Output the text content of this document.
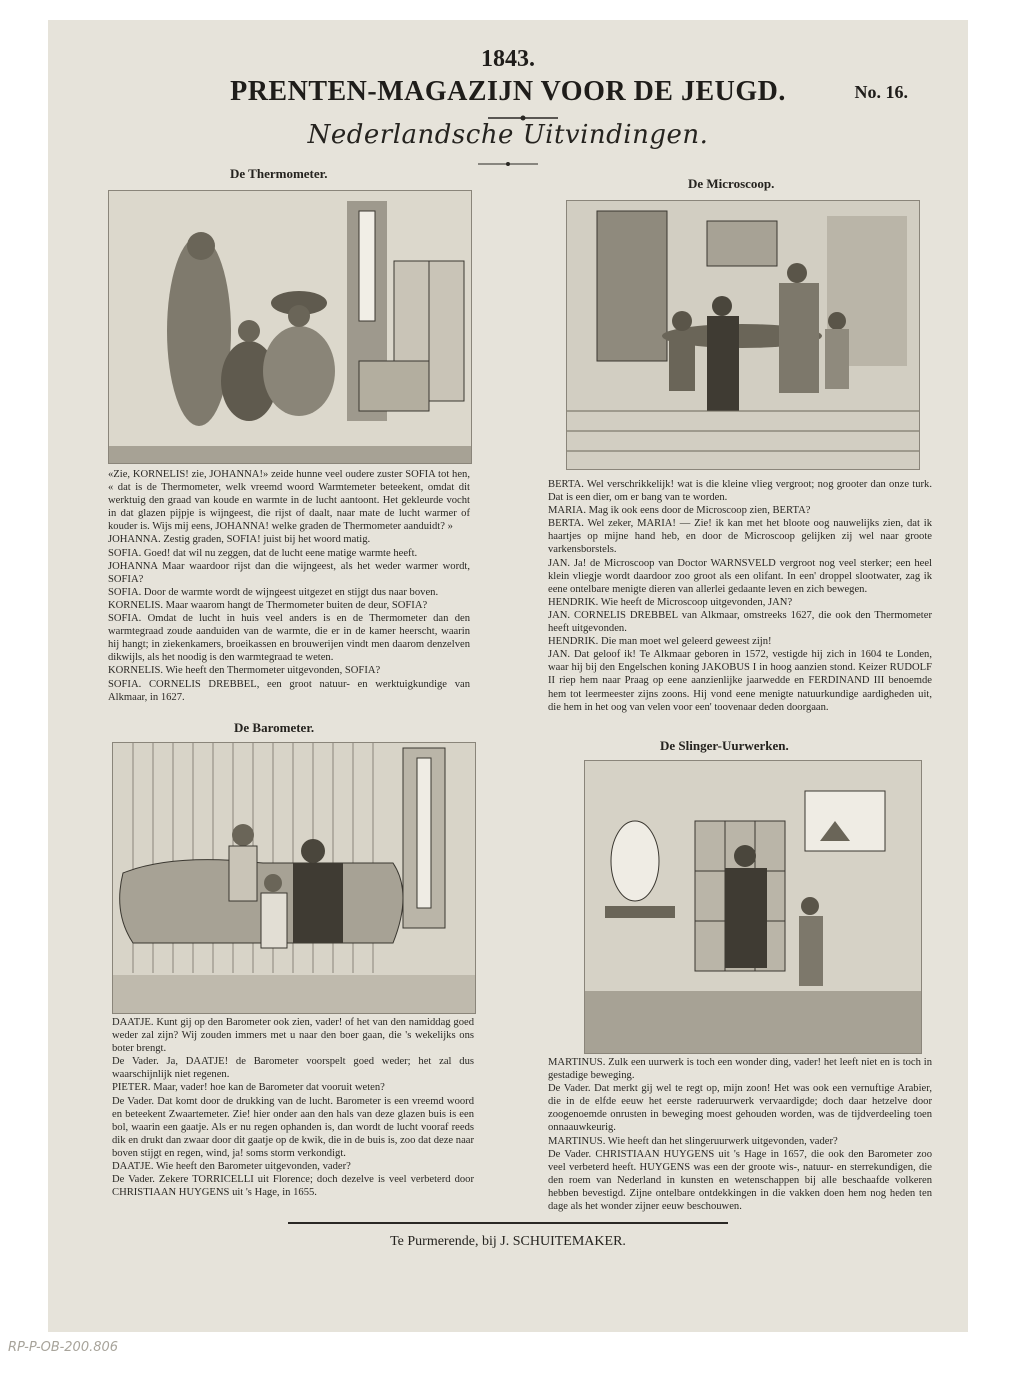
1843.
PRENTEN-MAGAZIJN VOOR DE JEUGD.	No. 16.
Nederlandsche Uitvindingen.
De Thermometer.

«Zie, KORNELIS! zie, JOHANNA!» zeide hunne veel oudere zuster SOFIA tot hen, « dat is de Thermometer, welk vreemd woord Warmtemeter beteekent, omdat dit werktuig den graad van koude en warmte in de lucht aantoont. Het gekleurde vocht in dat glazen pijpje is wijngeest, die rijst of daalt, naar mate de lucht warmer of kouder is. Wijs mij eens, JOHANNA! welke graden de Thermometer aanduidt? »

JOHANNA. Zestig graden, SOFIA! juist bij het woord matig.

SOFIA. Goed! dat wil nu zeggen, dat de lucht eene matige warmte heeft.

JOHANNA Maar waardoor rijst dan die wijngeest, als het weder warmer wordt, SOFIA?

SOFIA. Door de warmte wordt de wijngeest uitgezet en stijgt dus naar boven.

KORNELIS. Maar waarom hangt de Thermometer buiten de deur, SOFIA?

SOFIA. Omdat de lucht in huis veel anders is en de Thermometer dan den warmtegraad zoude aanduiden van de warmte, die er in de kamer heerscht, waarin hij hangt; in ziekenkamers, broeikassen en brouwerijen vindt men daarom denzelven dikwijls, als het noodig is den warmtegraad te weten.

KORNELIS. Wie heeft den Thermometer uitgevonden, SOFIA?

SOFIA. CORNELIS DREBBEL, een groot natuur- en werktuigkundige van Alkmaar, in 1627.

De Microscoop.

BERTA. Wel verschrikkelijk! wat is die kleine vlieg vergroot; nog grooter dan onze turk. Dat is een dier, om er bang van te worden.

MARIA. Mag ik ook eens door de Microscoop zien, BERTA?

BERTA. Wel zeker, MARIA! — Zie! ik kan met het bloote oog nauwelijks zien, dat ik haartjes op mijne hand heb, en door de Microscoop gelijken zij wel naar groote varkensborstels.

JAN. Ja! de Microscoop van Doctor WARNSVELD vergroot nog veel sterker; een heel klein vliegje wordt daardoor zoo groot als een olifant. In een' droppel slootwater, zag ik eene ontelbare menigte dieren van allerlei gedaante leven en zich bewegen.

HENDRIK. Wie heeft de Microscoop uitgevonden, JAN?

JAN. CORNELIS DREBBEL van Alkmaar, omstreeks 1627, die ook den Thermometer heeft uitgevonden.

HENDRIK. Die man moet wel geleerd geweest zijn!

JAN. Dat geloof ik! Te Alkmaar geboren in 1572, vestigde hij zich in 1604 te Londen, waar hij bij den Engelschen koning JAKOBUS I in hoog aanzien stond. Keizer RUDOLF II riep hem naar Praag op eene aanzienlijke jaarwedde en FERDINAND III benoemde hem tot leermeester zijns zoons. Hij vond eene menigte natuurkundige aardigheden uit, die hem in het oog van velen voor een' toovenaar deden doorgaan.

De Barometer.

DAATJE. Kunt gij op den Barometer ook zien, vader! of het van den namiddag goed weder zal zijn? Wij zouden immers met u naar den boer gaan, die 's wekelijks ons boter brengt.

De Vader. Ja, DAATJE! de Barometer voorspelt goed weder; het zal dus waarschijnlijk niet regenen.

PIETER. Maar, vader! hoe kan de Barometer dat vooruit weten?

De Vader. Dat komt door de drukking van de lucht. Barometer is een vreemd woord en beteekent Zwaartemeter. Zie! hier onder aan den hals van deze glazen buis is een bol, waarin een gaatje. Als er nu regen ophanden is, dan wordt de lucht vooraf reeds dik en drukt dan zwaar door dit gaatje op de kwik, die in de buis is, zoo dat deze naar boven stijgt en regen, wind, ja! soms storm verkondigt.

DAATJE. Wie heeft den Barometer uitgevonden, vader?

De Vader. Zekere TORRICELLI uit Florence; doch dezelve is veel verbeterd door CHRISTIAAN HUYGENS uit 's Hage, in 1655.

De Slinger-Uurwerken.

MARTINUS. Zulk een uurwerk is toch een wonder ding, vader! het leeft niet en is toch in gestadige beweging.

De Vader. Dat merkt gij wel te regt op, mijn zoon! Het was ook een vernuftige Arabier, die in de elfde eeuw het eerste raderuurwerk vervaardigde; doch daar hetzelve door zoogenoemde onrusten in beweging moest gehouden worden, was de tijdverdeeling toen onnaauwkeurig.

MARTINUS. Wie heeft dan het slingeruurwerk uitgevonden, vader?

De Vader. CHRISTIAAN HUYGENS uit 's Hage in 1657, die ook den Barometer zoo veel verbeterd heeft. HUYGENS was een der groote wis-, natuur- en sterrekundigen, die den roem van Nederland in kunsten en wetenschappen bij alle beschaafde volkeren hebben bevestigd. Zijne ontelbare ontdekkingen in die vakken doen hem nog heden ten dage als het wonder zijner eeuw beschouwen.

Te Purmerende, bij J. SCHUITEMAKER.
RP-P-OB-200.806
